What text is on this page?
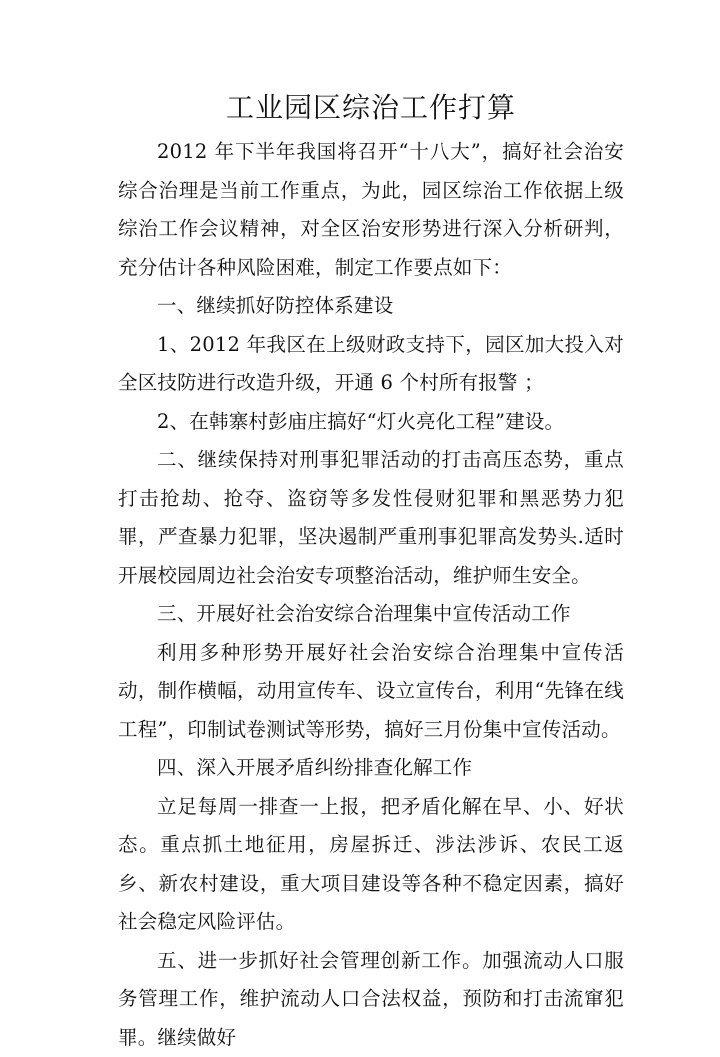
工业园区综治工作打算

2012 年下半年我国将召开“十八大”，搞好社会治安综合治理是当前工作重点，为此，园区综治工作依据上级综治工作会议精神，对全区治安形势进行深入分析研判，充分估计各种风险困难，制定工作要点如下：

一、继续抓好防控体系建设

1、2012 年我区在上级财政支持下，园区加大投入对全区技防进行改造升级，开通 6 个村所有报警 ；

2、在韩寨村彭庙庄搞好“灯火亮化工程”建设。

二、继续保持对刑事犯罪活动的打击高压态势，重点打击抢劫、抢夺、盗窃等多发性侵财犯罪和黑恶势力犯罪，严查暴力犯罪，坚决遏制严重刑事犯罪高发势头.适时开展校园周边社会治安专项整治活动，维护师生安全。

三、开展好社会治安综合治理集中宣传活动工作

利用多种形势开展好社会治安综合治理集中宣传活动，制作横幅，动用宣传车、设立宣传台，利用“先锋在线工程”，印制试卷测试等形势，搞好三月份集中宣传活动。

四、深入开展矛盾纠纷排查化解工作

立足每周一排查一上报，把矛盾化解在早、小、好状态。重点抓土地征用，房屋拆迁、涉法涉诉、农民工返乡、新农村建设，重大项目建设等各种不稳定因素，搞好社会稳定风险评估。

五、进一步抓好社会管理创新工作。加强流动人口服务管理工作，维护流动人口合法权益，预防和打击流窜犯罪。继续做好
